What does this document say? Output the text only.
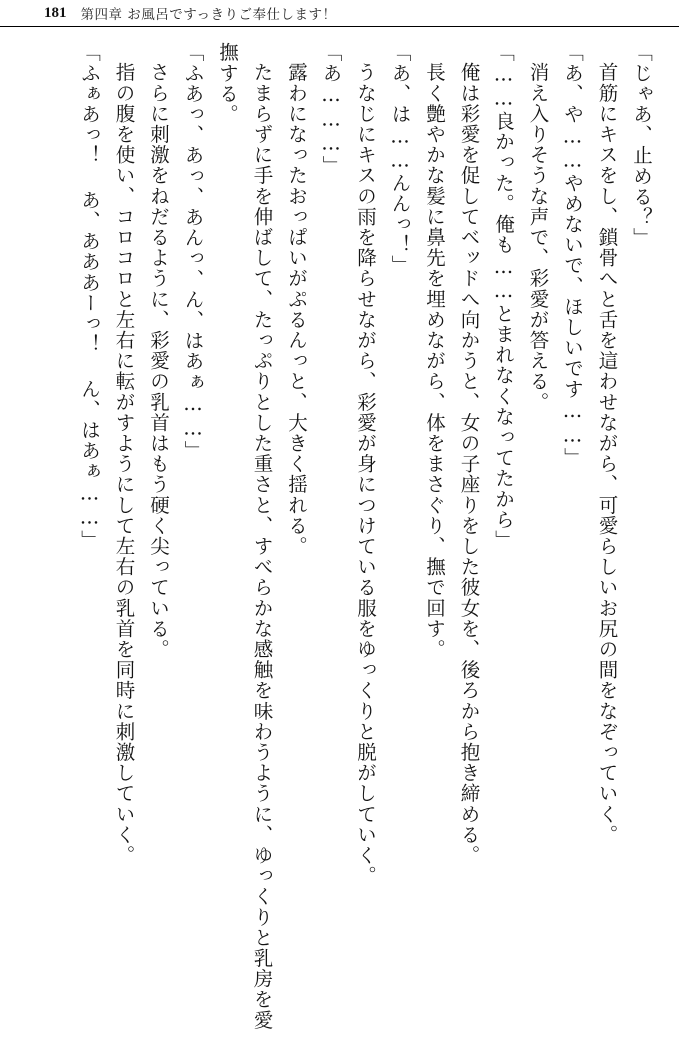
181 第四章 お風呂ですっきりご奉仕します！

「じゃあ、止める？」

首筋にキスをし、鎖骨へと舌を這わせながら、可愛らしいお尻の間をなぞっていく。

「あ、や……やめないで、ほしいです……」

消え入りそうな声で、彩愛が答える。

「……良かった。俺も……とまれなくなってたから」

俺は彩愛を促してベッドへ向かうと、女の子座りをした彼女を、後ろから抱き締める。

長く艶やかな髪に鼻先を埋めながら、体をまさぐり、撫で回す。

「あ、は……んんっ！」

うなじにキスの雨を降らせながら、彩愛が身につけている服をゆっくりと脱がしていく。

「あ………」

露わになったおっぱいがぷるんっと、大きく揺れる。

たまらずに手を伸ばして、たっぷりとした重さと、すべらかな感触を味わうように、ゆっくりと乳房を愛撫する。

「ふあっ、あっ、あんっ、ん、はあぁ……」

さらに刺激をねだるように、彩愛の乳首はもう硬く尖っている。

指の腹を使い、コロコロと左右に転がすようにして左右の乳首を同時に刺激していく。

「ふぁあっ！ あ、あああーっ！ ん、はあぁ……」
